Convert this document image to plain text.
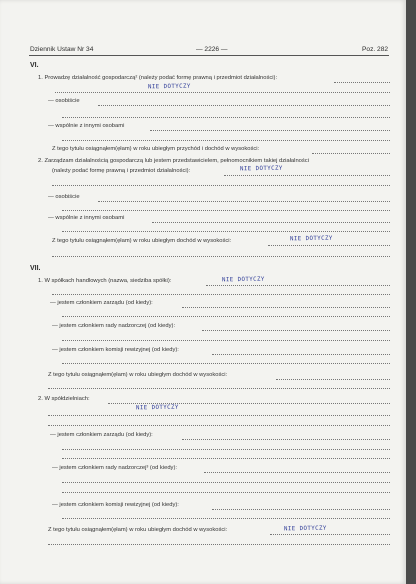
Dziennik Ustaw Nr 34	— 2226 —	Poz. 282
VI.
1. Prowadzę działalność gospodarczą² (należy podać formę prawną i przedmiot działalności):
NIE DOTYCZY
— osobiście
— wspólnie z innymi osobami
Z tego tytułu osiągnąłem(ęłam) w roku ubiegłym przychód i dochód w wysokości:
2. Zarządzam działalnością gospodarczą lub jestem przedstawicielem, pełnomocnikiem takiej działalności
(należy podać formę prawną i przedmiot działalności):	NIE DOTYCZY
— osobiście
— wspólnie z innymi osobami
Z tego tytułu osiągnąłem(ęłam) w roku ubiegłym dochód w wysokości:	NIE DOTYCZY
VII.
1. W spółkach handlowych (nazwa, siedziba spółki):	NIE DOTYCZY
— jestem członkiem zarządu (od kiedy):
— jestem członkiem rady nadzorczej (od kiedy):
— jestem członkiem komisji rewizyjnej (od kiedy):
Z tego tytułu osiągnąłem(ęłam) w roku ubiegłym dochód w wysokości:
2. W spółdzielniach:
NIE DOTYCZY
— jestem członkiem zarządu (od kiedy):
— jestem członkiem rady nadzorczej³ (od kiedy):
— jestem członkiem komisji rewizyjnej (od kiedy):
Z tego tytułu osiągnąłem(ęłam) w roku ubiegłym dochód w wysokości:	NIE DOTYCZY
